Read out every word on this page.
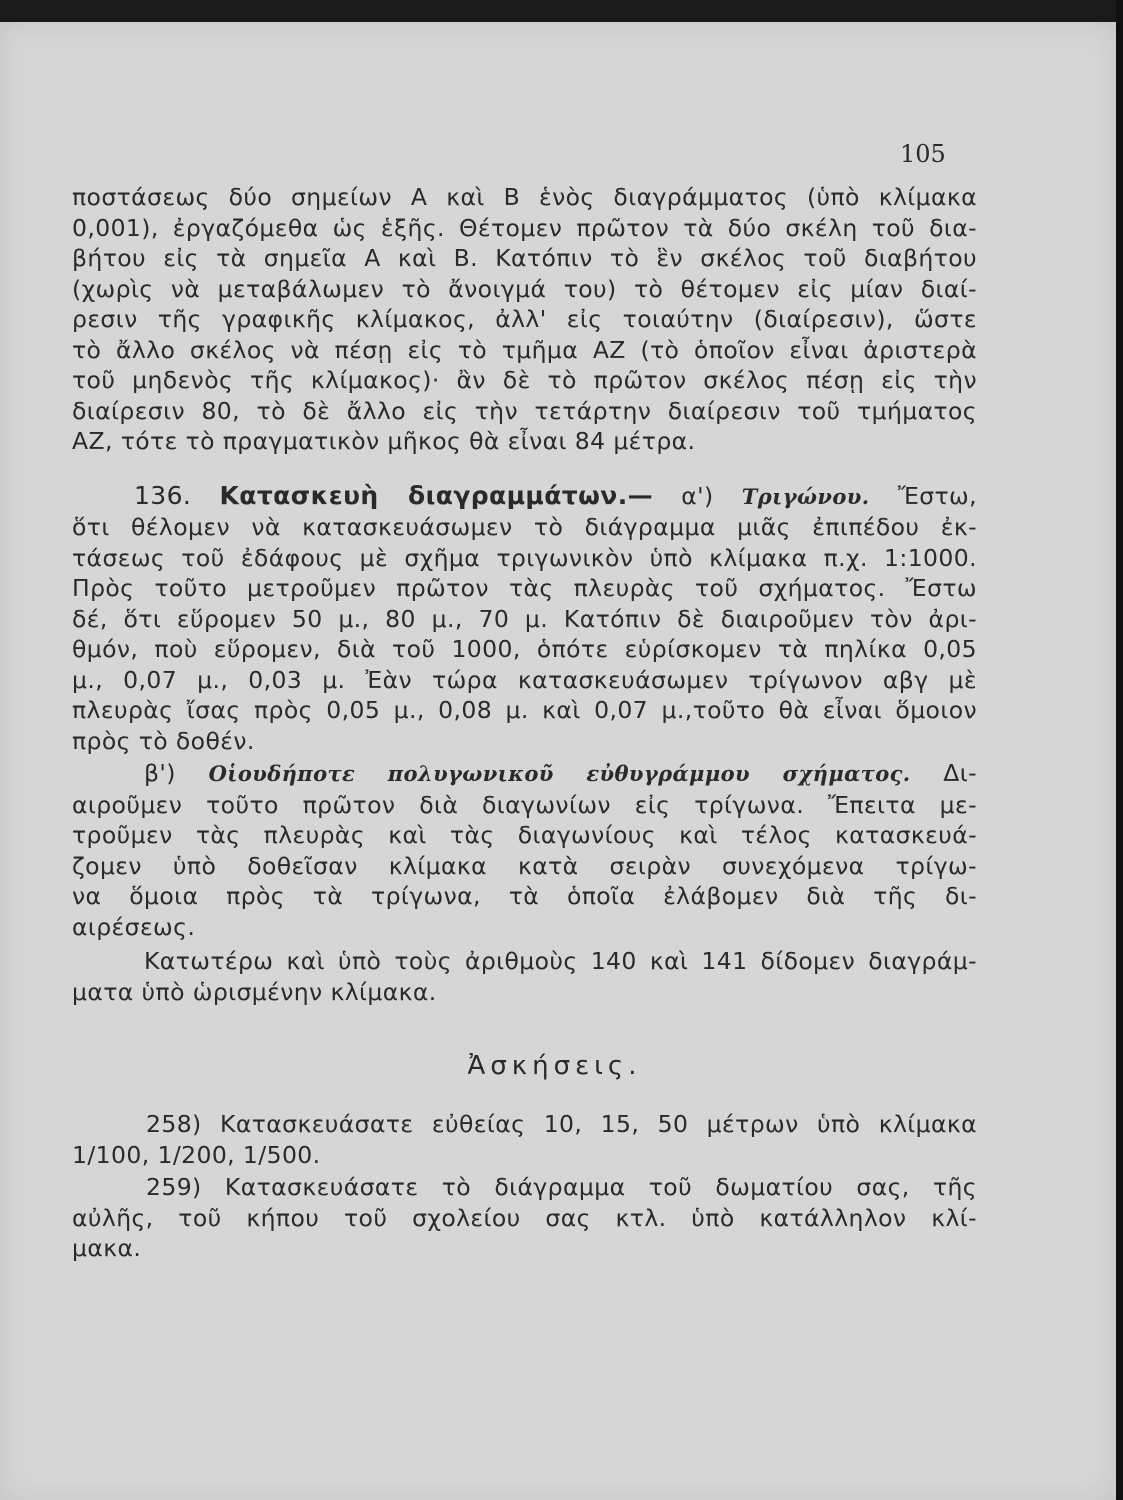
105

ποστάσεως δύο σημείων Α καὶ Β ἑνὸς διαγράμματος (ὑπὸ κλίμακα
0,001), ἐργαζόμεθα ὡς ἑξῆς. Θέτομεν πρῶτον τὰ δύο σκέλη τοῦ δια-
βήτου εἰς τὰ σημεῖα Α καὶ Β. Κατόπιν τὸ ἓν σκέλος τοῦ διαβήτου
(χωρὶς νὰ μεταβάλωμεν τὸ ἄνοιγμά του) τὸ θέτομεν εἰς μίαν διαί-
ρεσιν τῆς γραφικῆς κλίμακος, ἀλλ' εἰς τοιαύτην (διαίρεσιν), ὥστε
τὸ ἄλλο σκέλος νὰ πέσῃ εἰς τὸ τμῆμα ΑΖ (τὸ ὁποῖον εἶναι ἀριστερὰ
τοῦ μηδενὸς τῆς κλίμακος)· ἂν δὲ τὸ πρῶτον σκέλος πέσῃ εἰς τὴν
διαίρεσιν 80, τὸ δὲ ἄλλο εἰς τὴν τετάρτην διαίρεσιν τοῦ τμήματος
ΑΖ, τότε τὸ πραγματικὸν μῆκος θὰ εἶναι 84 μέτρα.

136. Κατασκευὴ διαγραμμάτων.— α') Τριγώνου. Ἔστω,
ὅτι θέλομεν νὰ κατασκευάσωμεν τὸ διάγραμμα μιᾶς ἐπιπέδου ἐκ-
τάσεως τοῦ ἐδάφους μὲ σχῆμα τριγωνικὸν ὑπὸ κλίμακα π.χ. 1:1000.
Πρὸς τοῦτο μετροῦμεν πρῶτον τὰς πλευρὰς τοῦ σχήματος. Ἔστω
δέ, ὅτι εὕρομεν 50 μ., 80 μ., 70 μ. Κατόπιν δὲ διαιροῦμεν τὸν ἀρι-
θμόν, ποὺ εὕρομεν, διὰ τοῦ 1000, ὁπότε εὑρίσκομεν τὰ πηλίκα 0,05
μ., 0,07 μ., 0,03 μ. Ἐὰν τώρα κατασκευάσωμεν τρίγωνον αβγ μὲ
πλευρὰς ἴσας πρὸς 0,05 μ., 0,08 μ. καὶ 0,07 μ.,τοῦτο θὰ εἶναι ὅμοιον
πρὸς τὸ δοθέν.

β') Οἱουδήποτε πολυγωνικοῦ εὐθυγράμμου σχήματος. Δι-
αιροῦμεν τοῦτο πρῶτον διὰ διαγωνίων εἰς τρίγωνα. Ἔπειτα με-
τροῦμεν τὰς πλευρὰς καὶ τὰς διαγωνίους καὶ τέλος κατασκευά-
ζομεν ὑπὸ δοθεῖσαν κλίμακα κατὰ σειρὰν συνεχόμενα τρίγω-
να ὅμοια πρὸς τὰ τρίγωνα, τὰ ὁποῖα ἐλάβομεν διὰ τῆς δι-
αιρέσεως.

Κατωτέρω καὶ ὑπὸ τοὺς ἀριθμοὺς 140 καὶ 141 δίδομεν διαγράμ-
ματα ὑπὸ ὡρισμένην κλίμακα.

Ἀσκήσεις.

258) Κατασκευάσατε εὐθείας 10, 15, 50 μέτρων ὑπὸ κλίμακα
1/100, 1/200, 1/500.

259) Κατασκευάσατε τὸ διάγραμμα τοῦ δωματίου σας, τῆς
αὐλῆς, τοῦ κήπου τοῦ σχολείου σας κτλ. ὑπὸ κατάλληλον κλί-
μακα.
